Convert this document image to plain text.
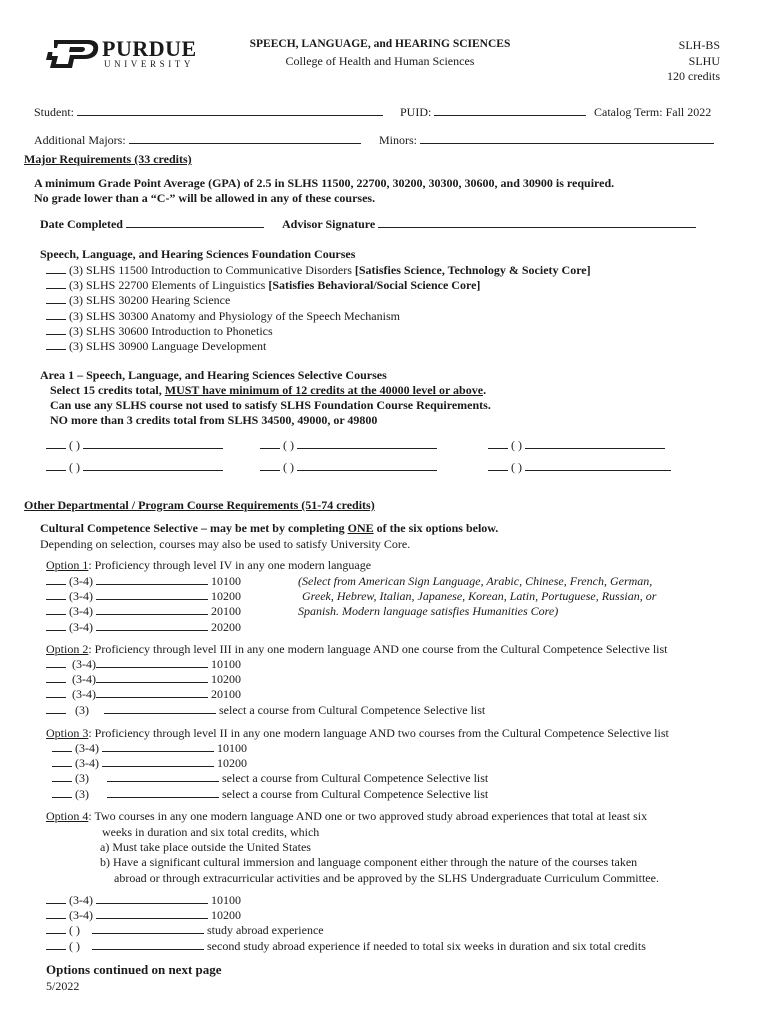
PURDUE
UNIVERSITY
SPEECH, LANGUAGE, and HEARING SCIENCES
College of Health and Human Sciences
SLH-BS
SLHU
120 credits
Student:	PUID:	Catalog Term: Fall 2022
Additional Majors:	Minors:
Major Requirements (33 credits)
A minimum Grade Point Average (GPA) of 2.5 in SLHS 11500, 22700, 30200, 30300, 30600, and 30900 is required.
No grade lower than a “C-” will be allowed in any of these courses.
Date Completed	Advisor Signature
Speech, Language, and Hearing Sciences Foundation Courses
(3) SLHS 11500 Introduction to Communicative Disorders [Satisfies Science, Technology & Society Core]
(3) SLHS 22700 Elements of Linguistics [Satisfies Behavioral/Social Science Core]
(3) SLHS 30200 Hearing Science
(3) SLHS 30300 Anatomy and Physiology of the Speech Mechanism
(3) SLHS 30600 Introduction to Phonetics
(3) SLHS 30900 Language Development
Area 1 – Speech, Language, and Hearing Sciences Selective Courses
Select 15 credits total, MUST have minimum of 12 credits at the 40000 level or above.
Can use any SLHS course not used to satisfy SLHS Foundation Course Requirements.
NO more than 3 credits total from SLHS 34500, 49000, or 49800
( )	( )	( )
( )	( )	( )
Other Departmental / Program Course Requirements (51-74 credits)
Cultural Competence Selective – may be met by completing ONE of the six options below.
Depending on selection, courses may also be used to satisfy University Core.
Option 1: Proficiency through level IV in any one modern language
(3-4)	10100
(3-4)	10200
(3-4)	20100
(3-4)	20200
(Select from American Sign Language, Arabic, Chinese, French, German,
Greek, Hebrew, Italian, Japanese, Korean, Latin, Portuguese, Russian, or
Spanish. Modern language satisfies Humanities Core)
Option 2: Proficiency through level III in any one modern language AND one course from the Cultural Competence Selective list
(3-4)	10100
(3-4)	10200
(3-4)	20100
(3)	select a course from Cultural Competence Selective list
Option 3: Proficiency through level II in any one modern language AND two courses from the Cultural Competence Selective list
(3-4)	10100
(3-4)	10200
(3)	select a course from Cultural Competence Selective list
(3)	select a course from Cultural Competence Selective list
Option 4: Two courses in any one modern language AND one or two approved study abroad experiences that total at least six
weeks in duration and six total credits, which
a) Must take place outside the United States
b) Have a significant cultural immersion and language component either through the nature of the courses taken
abroad or through extracurricular activities and be approved by the SLHS Undergraduate Curriculum Committee.
(3-4)	10100
(3-4)	10200
( )	study abroad experience
( )	second study abroad experience if needed to total six weeks in duration and six total credits
Options continued on next page
5/2022
